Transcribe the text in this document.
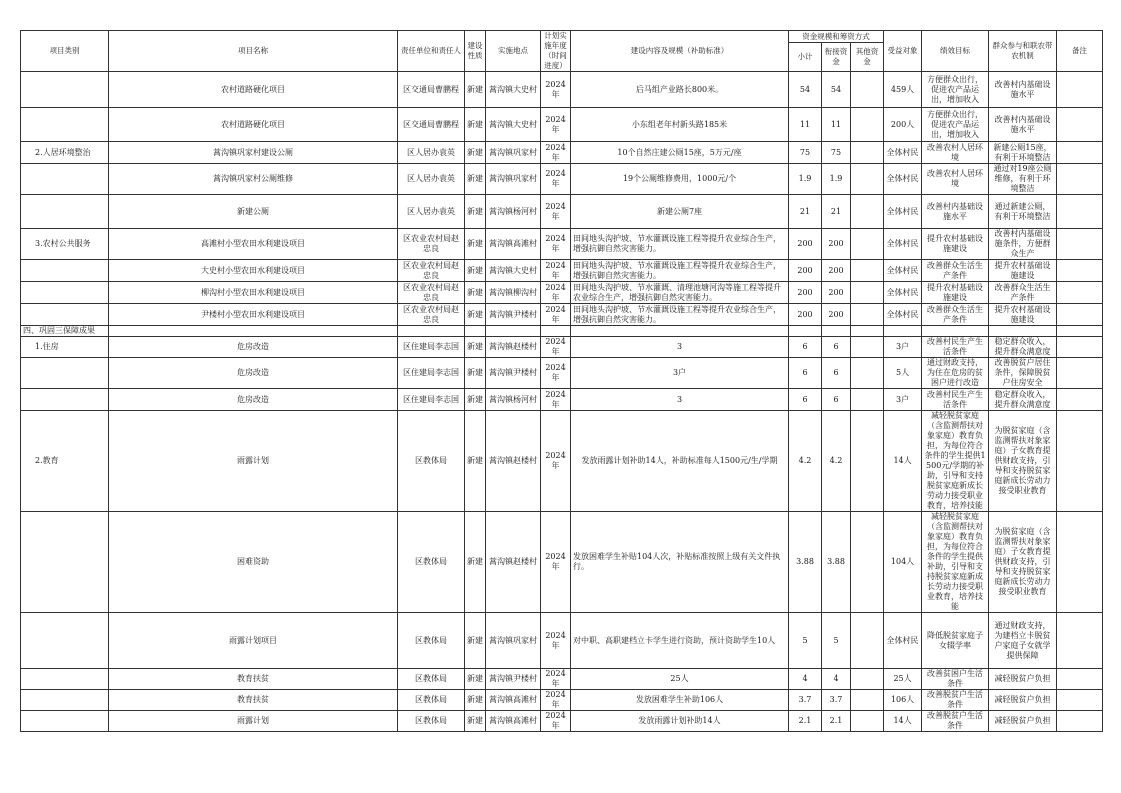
项目类别	项目名称	责任单位和责任人	建设性质	实施地点	计划实施年度（时间进度）	建设内容及规模（补助标准）	资金规模和筹资方式			受益对象	绩效目标	群众参与和联农带农机制	备注
							小计	衔接资金	其他资金				
	农村道路硬化项目	区交通局曹鹏程	新建	蒿沟镇大史村	2024年	后马组产业路长800米。	54	54		459人	方便群众出行，促进农产品运出，增加收入	改善村内基础设施水平	
	农村道路硬化项目	区交通局曹鹏程	新建	蒿沟镇大史村	2024年	小东组老年村新头路185米	11	11		200人	方便群众出行，促进农产品运出，增加收入	改善村内基础设施水平	
2.人居环境整治	蒿沟镇巩家村建设公厕	区人居办袁英	新建	蒿沟镇巩家村	2024年	10个自然庄建公厕15座，5万元/座	75	75		全体村民	改善农村人居环境	新建公厕15座，有利于环境整洁	
	蒿沟镇巩家村公厕维修	区人居办袁英	新建	蒿沟镇巩家村	2024年	19个公厕维修费用，1000元/个	1.9	1.9		全体村民	改善农村人居环境	通过对19座公厕维修，有利于环境整洁	
	新建公厕	区人居办袁英	新建	蒿沟镇杨河村	2024年	新建公厕7座	21	21		全体村民	改善村内基础设施水平	通过新建公厕，有利于环境整洁	
3.农村公共服务	高滩村小型农田水利建设项目	区农业农村局赵忠良	新建	蒿沟镇高滩村	2024年	田间地头沟护坡、节水灌溉设施工程等提升农业综合生产，增强抗御自然灾害能力。	200	200		全体村民	提升农村基础设施建设	改善村内基础设施条件，方便群众生产	
	大史村小型农田水利建设项目	区农业农村局赵忠良	新建	蒿沟镇大史村	2024年	田间地头沟护坡、节水灌溉设施工程等提升农业综合生产，增强抗御自然灾害能力。	200	200		全体村民	改善群众生活生产条件	提升农村基础设施建设	
	柳沟村小型农田水利建设项目	区农业农村局赵忠良	新建	蒿沟镇柳沟村	2024年	田间地头沟护坡、节水灌溉、清理池塘河沟等施工程等提升农业综合生产，增强抗御自然灾害能力。	200	200		全体村民	提升农村基础设施建设	改善群众生活生产条件	
	尹楼村小型农田水利建设项目	区农业农村局赵忠良	新建	蒿沟镇尹楼村	2024年	田间地头沟护坡、节水灌溉设施工程等提升农业综合生产，增强抗御自然灾害能力。	200	200		全体村民	改善群众生活生产条件	提升农村基础设施建设	
四、巩固三保障成果													
1.住房	危房改造	区住建局李志国	新建	蒿沟镇赵楼村	2024年	3	6	6		3户	改善村民生产生活条件	稳定群众收入，提升群众满意度	
	危房改造	区住建局李志国	新建	蒿沟镇尹楼村	2024年	3户	6	6		5人	通过财政支持，为住在危房的贫困户进行改造	改善脱贫户居住条件，保障脱贫户住房安全	
	危房改造	区住建局李志国	新建	蒿沟镇杨河村	2024年	3	6	6		3户	改善村民生产生活条件	稳定群众收入，提升群众满意度	
2.教育	雨露计划	区教体局	新建	蒿沟镇赵楼村	2024年	发放雨露计划补助14人，补助标准每人1500元/生/学期	4.2	4.2		14人	减轻脱贫家庭（含监测帮扶对象家庭）教育负担，为每位符合条件的学生提供1500元/学期的补助，引导和支持脱贫家庭新成长劳动力接受职业教育，培养技能	为脱贫家庭（含监测帮扶对象家庭）子女教育提供财政支持，引导和支持脱贫家庭新成长劳动力接受职业教育	
	困难资助	区教体局	新建	蒿沟镇赵楼村	2024年	发放困难学生补贴104人次，补贴标准按照上级有关文件执行。	3.88	3.88		104人	减轻脱贫家庭（含监测帮扶对象家庭）教育负担，为每位符合条件的学生提供补助，引导和支持脱贫家庭新成长劳动力接受职业教育，培养技能	为脱贫家庭（含监测帮扶对象家庭）子女教育提供财政支持，引导和支持脱贫家庭新成长劳动力接受职业教育	
	雨露计划项目	区教体局	新建	蒿沟镇巩家村	2024年	对中职、高职建档立卡学生进行资助，预计资助学生10人	5	5		全体村民	降低脱贫家庭子女辍学率	通过财政支持，为建档立卡脱贫户家庭子女就学提供保障	
	教育扶贫	区教体局	新建	蒿沟镇尹楼村	2024年	25人	4	4		25人	改善贫困户生活条件	减轻脱贫户负担	
	教育扶贫	区教体局	新建	蒿沟镇高滩村	2024年	发放困难学生补助106人	3.7	3.7		106人	改善脱贫户生活条件	减轻脱贫户负担	
	雨露计划	区教体局	新建	蒿沟镇高滩村	2024年	发放雨露计划补助14人	2.1	2.1		14人	改善脱贫户生活条件	减轻脱贫户负担	
